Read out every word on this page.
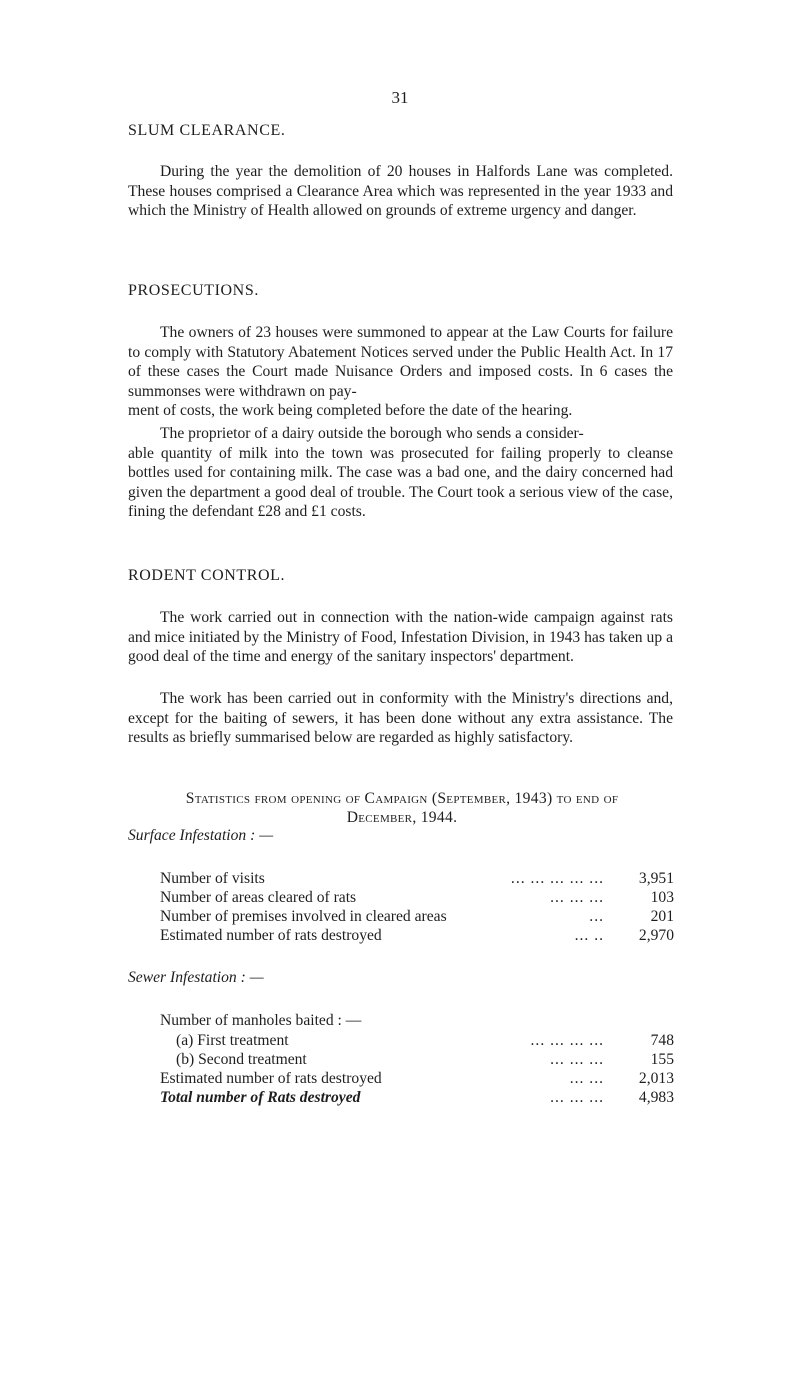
31
SLUM CLEARANCE.

During the year the demolition of 20 houses in Halfords Lane was completed. These houses comprised a Clearance Area which was represented in the year 1933 and which the Ministry of Health allowed on grounds of extreme urgency and danger.

PROSECUTIONS.

The owners of 23 houses were summoned to appear at the Law Courts for failure to comply with Statutory Abatement Notices served under the Public Health Act. In 17 of these cases the Court made Nuisance Orders and imposed costs. In 6 cases the summonses were withdrawn on pay-
ment of costs, the work being completed before the date of the hearing.

The proprietor of a dairy outside the borough who sends a consider-
able quantity of milk into the town was prosecuted for failing properly to cleanse bottles used for containing milk. The case was a bad one, and the dairy concerned had given the department a good deal of trouble. The Court took a serious view of the case, fining the defendant £28 and £1 costs.

RODENT CONTROL.

The work carried out in connection with the nation-wide campaign against rats and mice initiated by the Ministry of Food, Infestation Division, in 1943 has taken up a good deal of the time and energy of the sanitary inspectors' department.

The work has been carried out in conformity with the Ministry's directions and, except for the baiting of sewers, it has been done without any extra assistance. The results as briefly summarised below are regarded as highly satisfactory.

Statistics from opening of Campaign (September, 1943) to end of
December, 1944.

Surface Infestation : —
Number of visits	... ... ... ... ...	3,951
Number of areas cleared of rats	... ... ...	103
Number of premises involved in cleared areas	...	201
Estimated number of rats destroyed	... ..	2,970
Sewer Infestation : —
Number of manholes baited : —
(a) First treatment	... ... ... ...	748
(b) Second treatment	... ... ...	155
Estimated number of rats destroyed	... ...	2,013
Total number of Rats destroyed	... ... ...	4,983
